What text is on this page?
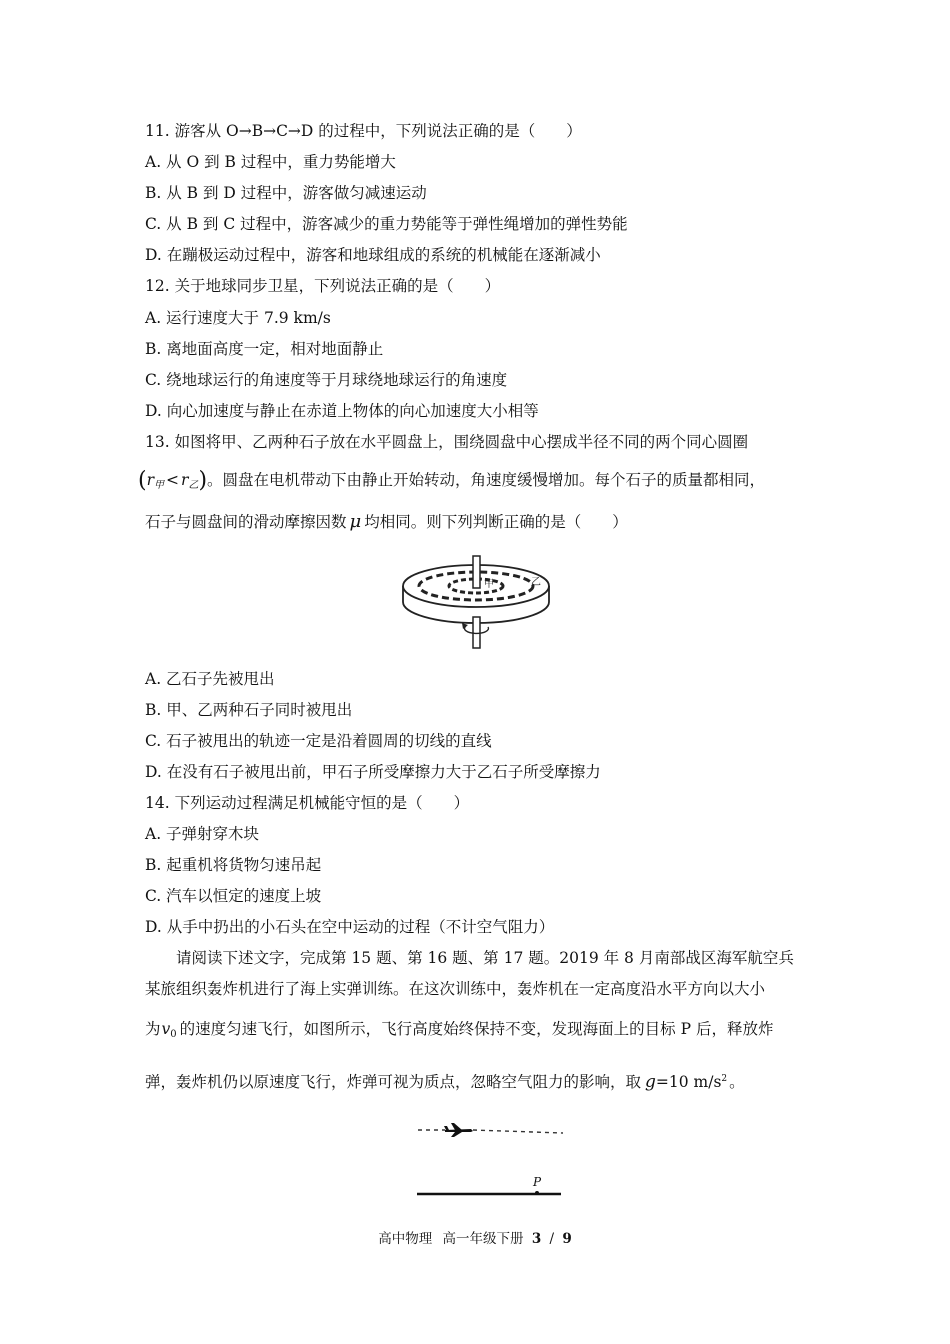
11. 游客从 O→B→C→D 的过程中，下列说法正确的是（　　）
A. 从 O 到 B 过程中，重力势能增大
B. 从 B 到 D 过程中，游客做匀减速运动
C. 从 B 到 C 过程中，游客减少的重力势能等于弹性绳增加的弹性势能
D. 在蹦极运动过程中，游客和地球组成的系统的机械能在逐渐减小
12. 关于地球同步卫星，下列说法正确的是（　　）
A. 运行速度大于 7.9 km/s
B. 离地面高度一定，相对地面静止
C. 绕地球运行的角速度等于月球绕地球运行的角速度
D. 向心加速度与静止在赤道上物体的向心加速度大小相等
13. 如图将甲、乙两种石子放在水平圆盘上，围绕圆盘中心摆成半径不同的两个同心圆圈
$(r_甲 < r_乙)$。圆盘在电机带动下由静止开始转动，角速度缓慢增加。每个石子的质量都相同，
石子与圆盘间的滑动摩擦因数 μ 均相同。则下列判断正确的是（　　）
甲	乙
A. 乙石子先被甩出
B. 甲、乙两种石子同时被甩出
C. 石子被甩出的轨迹一定是沿着圆周的切线的直线
D. 在没有石子被甩出前，甲石子所受摩擦力大于乙石子所受摩擦力
14. 下列运动过程满足机械能守恒的是（　　）
A. 子弹射穿木块
B. 起重机将货物匀速吊起
C. 汽车以恒定的速度上坡
D. 从手中扔出的小石头在空中运动的过程（不计空气阻力）
请阅读下述文字，完成第 15 题、第 16 题、第 17 题。2019 年 8 月南部战区海军航空兵
某旅组织轰炸机进行了海上实弹训练。在这次训练中，轰炸机在一定高度沿水平方向以大小
为$v_0$ 的速度匀速飞行，如图所示，飞行高度始终保持不变，发现海面上的目标 P 后，释放炸
弹，轰炸机仍以原速度飞行，炸弹可视为质点，忽略空气阻力的影响，取 g=10 $m/s^2$ 。
P
高中物理 高一年级下册 3 / 9
